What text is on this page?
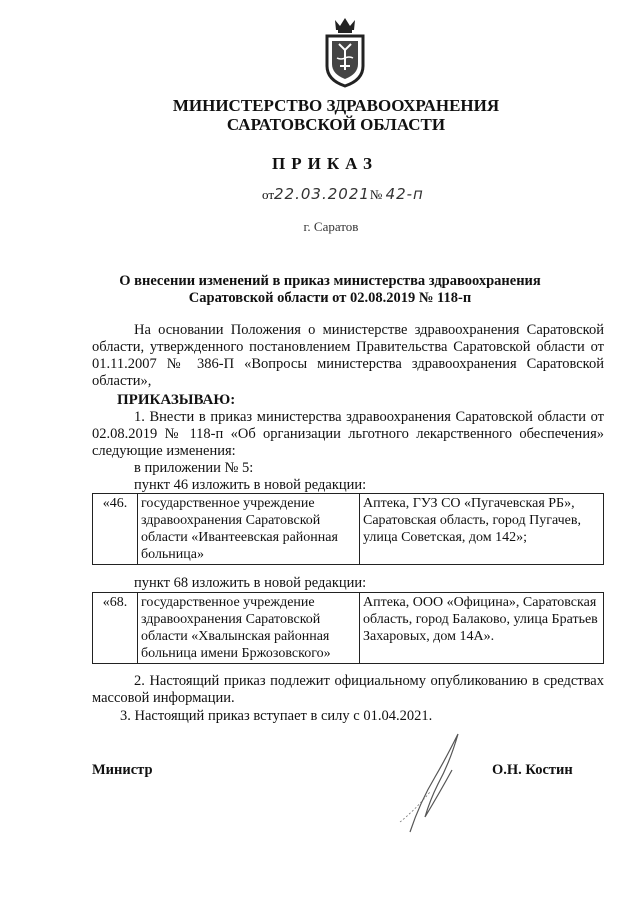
МИНИСТЕРСТВО ЗДРАВООХРАНЕНИЯ
САРАТОВСКОЙ ОБЛАСТИ
ПРИКАЗ
от22.03.2021№ 42-п
г. Саратов
О внесении изменений в приказ министерства здравоохранения
Саратовской области от 02.08.2019 № 118-п
На основании Положения о министерстве здравоохранения Саратовской области, утвержденного постановлением Правительства Саратовской области от 01.11.2007 № 386-П «Вопросы министерства здравоохранения Саратовской области»,
ПРИКАЗЫВАЮ:
1. Внести в приказ министерства здравоохранения Саратовской области от 02.08.2019 № 118-п «Об организации льготного лекарственного обеспечения» следующие изменения:
в приложении № 5:
пункт 46 изложить в новой редакции:
«46.	государственное учреждение здравоохранения Саратовской области «Ивантеевская районная больница»	Аптека, ГУЗ СО «Пугачевская РБ», Саратовская область, город Пугачев, улица Советская, дом 142»;
пункт 68 изложить в новой редакции:
«68.	государственное учреждение здравоохранения Саратовской области «Хвалынская районная больница имени Бржозовского»	Аптека, ООО «Официна», Саратовская область, город Балаково, улица Братьев Захаровых, дом 14А».
2. Настоящий приказ подлежит официальному опубликованию в средствах массовой информации.
3. Настоящий приказ вступает в силу с 01.04.2021.
Министр	О.Н. Костин
